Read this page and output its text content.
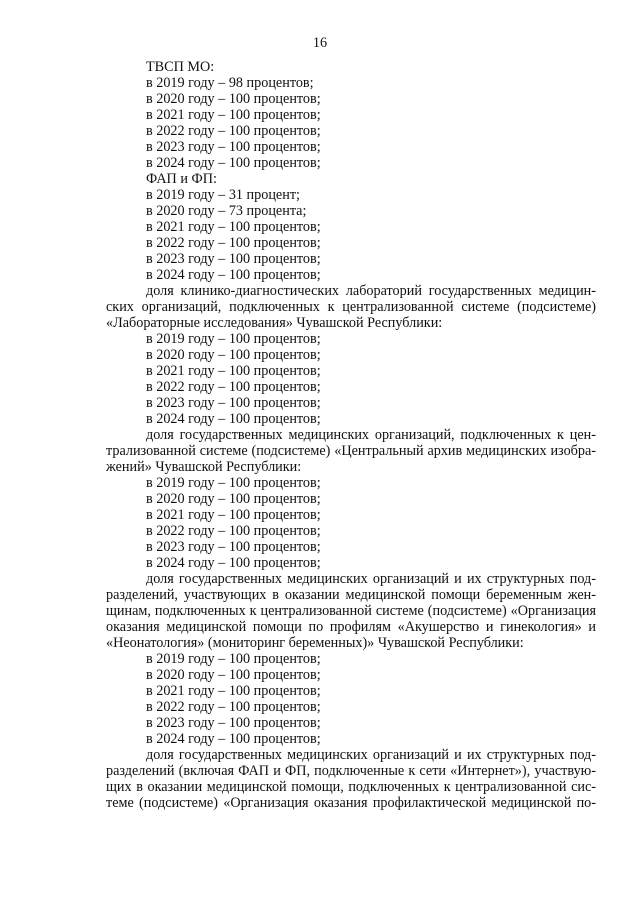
16
ТВСП МО:
в 2019 году – 98 процентов;
в 2020 году – 100 процентов;
в 2021 году – 100 процентов;
в 2022 году – 100 процентов;
в 2023 году – 100 процентов;
в 2024 году – 100 процентов;
ФАП и ФП:
в 2019 году – 31 процент;
в 2020 году – 73 процента;
в 2021 году – 100 процентов;
в 2022 году – 100 процентов;
в 2023 году – 100 процентов;
в 2024 году – 100 процентов;
доля клинико-диагностических лабораторий государственных медицин-
ских организаций, подключенных к централизованной системе (подсистеме)
«Лабораторные исследования» Чувашской Республики:
в 2019 году – 100 процентов;
в 2020 году – 100 процентов;
в 2021 году – 100 процентов;
в 2022 году – 100 процентов;
в 2023 году – 100 процентов;
в 2024 году – 100 процентов;
доля государственных медицинских организаций, подключенных к цен-
трализованной системе (подсистеме) «Центральный архив медицинских изобра-
жений» Чувашской Республики:
в 2019 году – 100 процентов;
в 2020 году – 100 процентов;
в 2021 году – 100 процентов;
в 2022 году – 100 процентов;
в 2023 году – 100 процентов;
в 2024 году – 100 процентов;
доля государственных медицинских организаций и их структурных под-
разделений, участвующих в оказании медицинской помощи беременным жен-
щинам, подключенных к централизованной системе (подсистеме) «Организация
оказания медицинской помощи по профилям «Акушерство и гинекология» и
«Неонатология» (мониторинг беременных)» Чувашской Республики:
в 2019 году – 100 процентов;
в 2020 году – 100 процентов;
в 2021 году – 100 процентов;
в 2022 году – 100 процентов;
в 2023 году – 100 процентов;
в 2024 году – 100 процентов;
доля государственных медицинских организаций и их структурных под-
разделений (включая ФАП и ФП, подключенные к сети «Интернет»), участвую-
щих в оказании медицинской помощи, подключенных к централизованной сис-
теме (подсистеме) «Организация оказания профилактической медицинской по-
